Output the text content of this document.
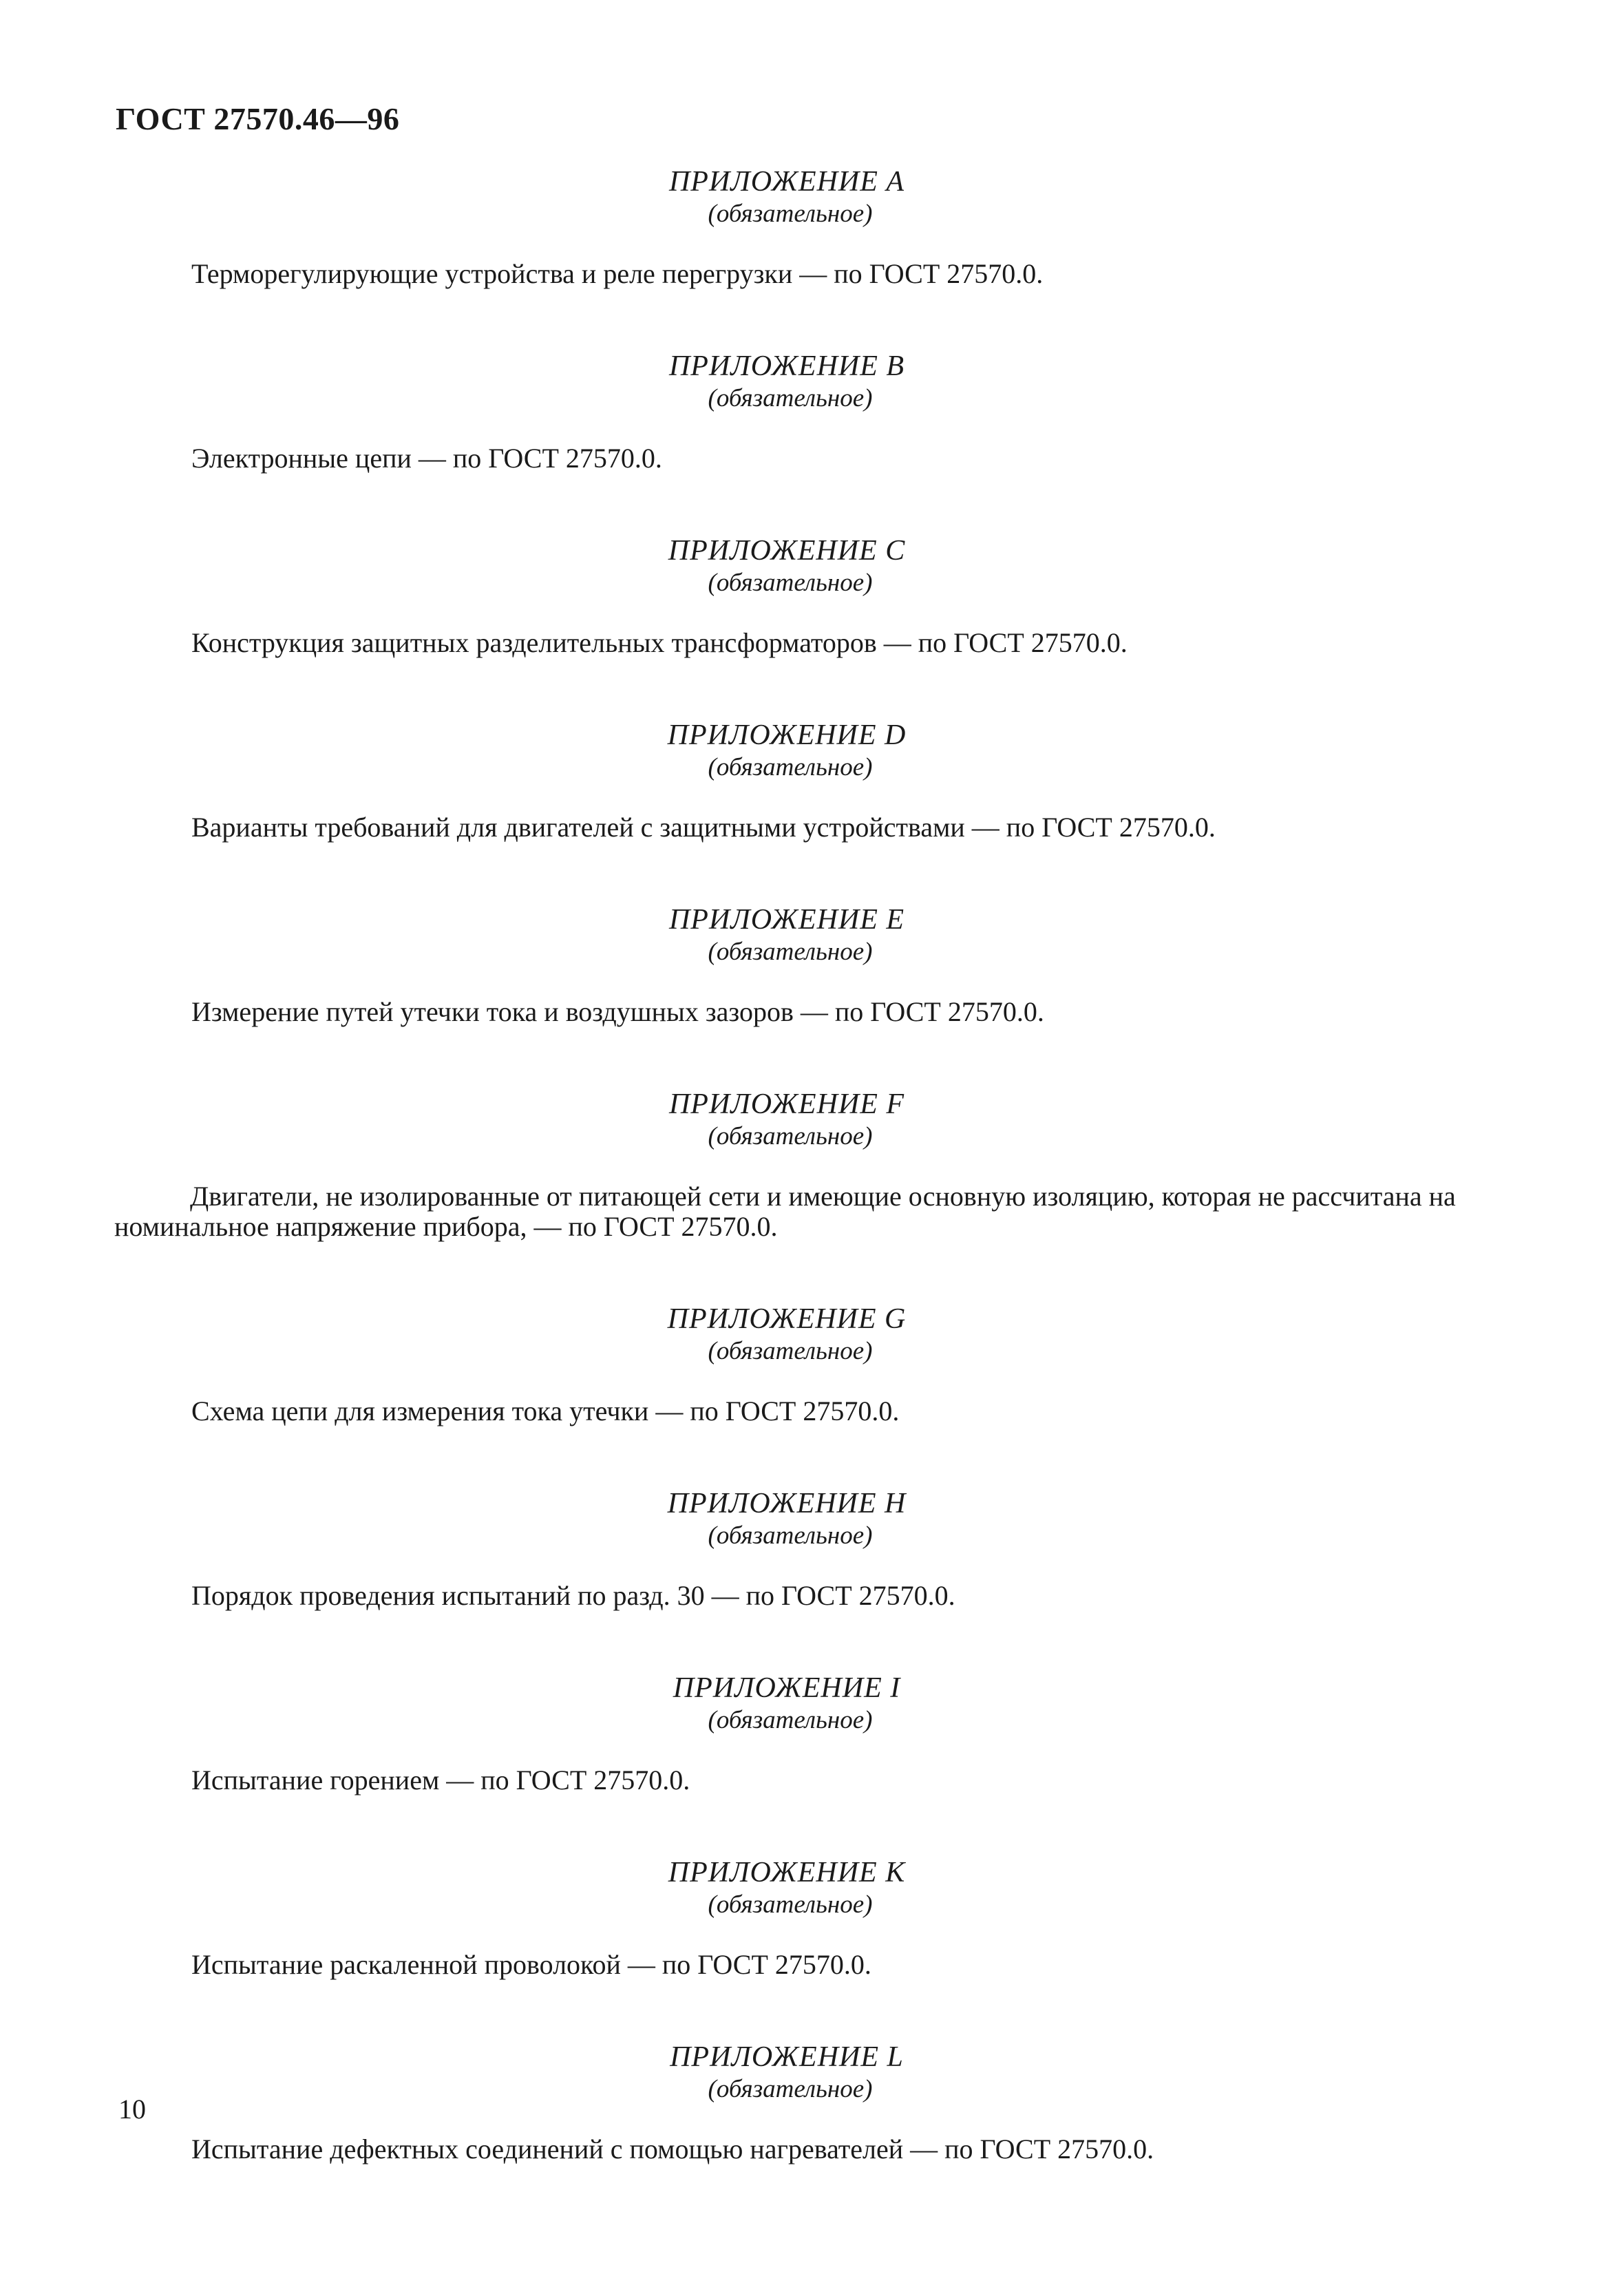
ГОСТ 27570.46—96
ПРИЛОЖЕНИЕ А
(обязательное)
Терморегулирующие устройства и реле перегрузки — по ГОСТ 27570.0.
ПРИЛОЖЕНИЕ В
(обязательное)
Электронные цепи — по ГОСТ 27570.0.
ПРИЛОЖЕНИЕ С
(обязательное)
Конструкция защитных разделительных трансформаторов — по ГОСТ 27570.0.
ПРИЛОЖЕНИЕ D
(обязательное)
Варианты требований для двигателей с защитными устройствами — по ГОСТ 27570.0.
ПРИЛОЖЕНИЕ E
(обязательное)
Измерение путей утечки тока и воздушных зазоров — по ГОСТ 27570.0.
ПРИЛОЖЕНИЕ F
(обязательное)
Двигатели, не изолированные от питающей сети и имеющие основную изоляцию, которая не рассчитана на номинальное напряжение прибора, — по ГОСТ 27570.0.
ПРИЛОЖЕНИЕ G
(обязательное)
Схема цепи для измерения тока утечки — по ГОСТ 27570.0.
ПРИЛОЖЕНИЕ H
(обязательное)
Порядок проведения испытаний по разд. 30 — по ГОСТ 27570.0.
ПРИЛОЖЕНИЕ I
(обязательное)
Испытание горением — по ГОСТ 27570.0.
ПРИЛОЖЕНИЕ K
(обязательное)
Испытание раскаленной проволокой — по ГОСТ 27570.0.
ПРИЛОЖЕНИЕ L
(обязательное)
Испытание дефектных соединений с помощью нагревателей — по ГОСТ 27570.0.
10
